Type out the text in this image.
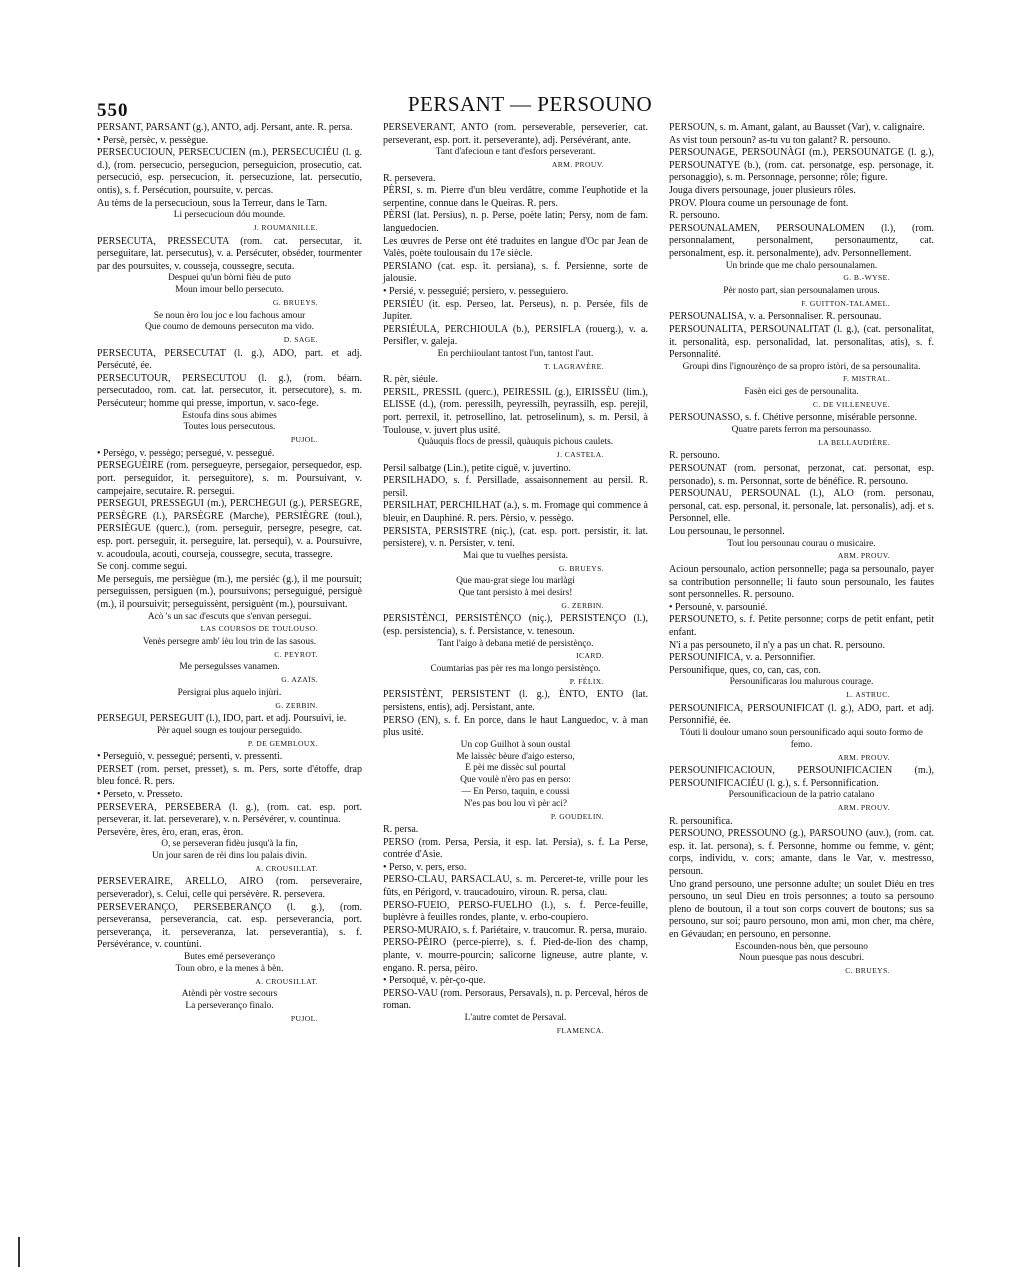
550	PERSANT — PERSOUNO

PERSANT, PARSANT (g.), ANTO, adj. Persant, ante. R. persa.

• Persè, persèc, v. pessègue.

PERSECUCIOUN, PERSECUCIEN (m.), PERSECUCIÉU (l. g. d.), (rom. persecucio, persegucion, perseguicion, prosecutio, cat. persecució, esp. persecucion, it. persecuzione, lat. persecutio, ontis), s. f. Persécution, poursuite, v. percas.

Au tèms de la persecucioun, sous la Terreur, dans le Tarn.

Li persecucioun dóu mounde.

J. ROUMANILLE.

PERSECUTA, PRESSECUTA (rom. cat. persecutar, it. perseguitare, lat. persecutus), v. a. Persécuter, obséder, tourmenter par des poursuites, v. cousseja, coussegre, secuta.

Despuei qu'un bòrni fièu de puto

Moun imour bello persecuto.

G. BRUEYS.

Se noun èro lou joc e lou fachous amour

Que coumo de demouns persecuton ma vido.

D. SAGE.

PERSECUTA, PERSECUTAT (l. g.), ADO, part. et adj. Persécuté, ée.

PERSECUTOUR, PERSECUTOU (l. g.), (rom. béarn. persecutadoo, rom. cat. lat. persecutor, it. persecutore), s. m. Persécuteur; homme qui presse, importun, v. saco-fege.

Estoufa dins sous abimes

Toutes lous persecutous.

PUJOL.

• Persègo, v. pessègo; persegué, v. pessegué.

PERSEGUÈIRE (rom. persegueyre, persegaior, persequedor, esp. port. perseguidor, it. perseguitore), s. m. Poursuivant, v. campejaire, secutaire. R. persegui.

PERSEGUI, PRESSEGUI (m.), PERCHEGUI (g.), PERSEGRE, PERSÈGRE (l.), PARSÈGRE (Marche), PERSIÈGRE (toul.), PERSIÈGUE (querc.), (rom. perseguir, persegre, pesegre, cat. esp. port. perseguir, it. perseguire, lat. persequi), v. a. Poursuivre, v. acoudoula, acouti, courseja, coussegre, secuta, trassegre.

Se conj. comme segui.

Me perseguis, me persiègue (m.), me persiéc (g.), il me poursuit; perseguissen, persiguen (m.), poursuivons; perseguigué, persiguè (m.), il poursuivit; perseguissènt, persiguènt (m.), poursuivant.

Acò 's un sac d'escuts que s'envan persegui.

LAS COURSOS DE TOULOUSO.

Venès persegre amb' ièu lou trin de las sasous.

C. PEYROT.

Me persegulsses vanamen.

G. AZAÏS.

Persigrai plus aquelo injùri.

G. ZERBIN.

PERSEGUI, PERSEGUIT (l.), IDO, part. et adj. Poursuivi, ie.

Pèr aquel sougn es toujour perseguido.

P. DE GEMBLOUX.

• Perseguiò, v. pessegué; persenti, v. pressenti.

PERSET (rom. perset, presset), s. m. Pers, sorte d'étoffe, drap bleu foncé. R. pers.

• Perseto, v. Presseto.

PERSEVERA, PERSEBERA (l. g.), (rom. cat. esp. port. perseverar, it. lat. perseverare), v. n. Persévérer, v. countinua.

Persevère, ères, èro, eran, eras, èron.

O, se perseveran fidèu jusqu'à la fin,

Un jour saren de rèi dins lou palais divin.

A. CROUSILLAT.

PERSEVERAIRE, ARELLO, AIRO (rom. perseveraire, perseverador), s. Celui, celle qui persévère. R. persevera.

PERSEVERANÇO, PERSEBERANÇO (l. g.), (rom. perseveransa, perseverancia, cat. esp. perseverancia, port. perseverança, it. perseveranza, lat. perseverantia), s. f. Persévérance, v. countùni.

Butes emé perseveranço

Toun obro, e la menes à bèn.

A. CROUSILLAT.

Atèndi pèr vostre secours

La perseveranço finalo.

PUJOL.

PERSEVERANT, ANTO (rom. perseverable, perseverier, cat. perseverant, esp. port. it. perseverante), adj. Persévérant, ante.

Tant d'afecioun e tant d'esfors perseverant.

ARM. PROUV.

R. persevera.

PÈRSI, s. m. Pierre d'un bleu verdâtre, comme l'euphotide et la serpentine, connue dans le Queiras. R. pers.

PÈRSI (lat. Persius), n. p. Perse, poète latin; Persy, nom de fam. languedocien.

Les œuvres de Perse ont été traduites en langue d'Oc par Jean de Valès, poète toulousain du 17e siècle.

PERSIANO (cat. esp. it. persiana), s. f. Persienne, sorte de jalousie.

• Persié, v. pesseguié; persiero, v. pesseguiero.

PERSIÉU (it. esp. Perseo, lat. Perseus), n. p. Persée, fils de Jupiter.

PERSIÉULA, PERCHIOULA (b.), PERSIFLA (rouerg.), v. a. Persifler, v. galeja.

En perchiioulant tantost l'un, tantost l'aut.

T. LAGRAVÈRE.

R. pèr, siéule.

PERSIL, PRESSIL (querc.), PEIRESSIL (g.), EIRISSÈU (lim.), ELISSE (d.), (rom. peressilh, peyressilh, peyrassilh, esp. perejil, port. perrexil, it. petrosellino, lat. petroselinum), s. m. Persil, à Toulouse, v. juvert plus usité.

Quàuquis flocs de pressil, quàuquis pichous caulets.

J. CASTELA.

Persil salbatge (Lin.), petite ciguë, v. juvertino.

PERSILHADO, s. f. Persillade, assaisonnement au persil. R. persil.

PERSILHAT, PERCHILHAT (a.), s. m. Fromage qui commence à bleuir, en Dauphiné. R. pers. Pèrsio, v. pessègo.

PERSISTA, PERSISTRE (niç.), (cat. esp. port. persistir, it. lat. persistere), v. n. Persister, v. tení.

Mai que tu vuelhes persista.

G. BRUEYS.

Que mau-grat siege lou marlàgi

Que tant persisto à mei desirs!

G. ZERBIN.

PERSISTÈNCI, PERSISTÈNÇO (niç.), PERSISTENÇO (l.), (esp. persistencia), s. f. Persistance, v. tenesoun.

Tant l'aigo à debana metié de persistènço.

ICARD.

Coumtarias pas pèr res ma longo persistènço.

P. FÉLIX.

PERSISTÈNT, PERSISTENT (l. g.), ÈNTO, ENTO (lat. persistens, entis), adj. Persistant, ante.

PERSO (EN), s. f. En porce, dans le haut Languedoc, v. à man plus usité.

Un cop Guilhot à soun oustal

Me laissèc bèure d'aigo esterso,

E pèi me dissèc sul pourtal

Que voulè n'èro pas en perso:

— En Perso, taquin, e coussi

N'es pas bou lou vì pèr aci?

P. GOUDELIN.

R. persa.

PERSO (rom. Persa, Persia, it esp. lat. Persia), s. f. La Perse, contrée d'Asie.

• Perso, v. pers, erso.

PERSO-CLAU, PARSACLAU, s. m. Perceret-te, vrille pour les fûts, en Périgord, v. traucadouiro, viroun. R. persa, clau.

PERSO-FUEIO, PERSO-FUELHO (l.), s. f. Perce-feuille, buplèvre à feuilles rondes, plante, v. erbo-coupiero.

PERSO-MURAIO, s. f. Pariétaire, v. traucomur. R. persa, muraio.

PERSO-PÈIRO (perce-pierre), s. f. Pied-de-lion des champ, plante, v. mourre-pourcin; salicorne ligneuse, autre plante, v. engano. R. persa, pèiro.

• Persoqué, v. pèr-ço-que.

PERSO-VAU (rom. Persoraus, Persavals), n. p. Perceval, héros de roman.

L'autre comtet de Persaval.

FLAMENCA.

PERSOUN, s. m. Amant, galant, au Bausset (Var), v. calignaire.

As vist toun persoun? as-tu vu ton galant? R. persouno.

PERSOUNAGE, PERSOUNÀGI (m.), PERSOUNATGE (l. g.), PERSOUNATYE (b.), (rom. cat. personatge, esp. personage, it. personaggio), s. m. Personnage, personne; rôle; figure.

Jouga divers persounage, jouer plusieurs rôles.

PROV. Ploura coume un persounage de font.

R. persouno.

PERSOUNALAMEN, PERSOUNALOMEN (l.), (rom. personnalament, personalment, personaumentz, cat. personalment, esp. it. personalmente), adv. Personnellement.

Un brinde que me chalo persounalamen.

G. B.-WYSE.

Pèr nosto part, sian persounalamen urous.

F. GUITTON-TALAMEL.

PERSOUNALISA, v. a. Personnaliser. R. persounau.

PERSOUNALITA, PERSOUNALITAT (l. g.), (cat. personalitat, it. personalità, esp. personalidad, lat. personalitas, atis), s. f. Personnalité.

Groupi dins l'ignourènço de sa propro istòri, de sa persounalita.

F. MISTRAL.

Fasèn eici ges de persounalita.

C. DE VILLENEUVE.

PERSOUNASSO, s. f. Chétive personne, misérable personne.

Quatre parets ferron ma persounasso.

LA BELLAUDIÈRE.

R. persouno.

PERSOUNAT (rom. personat, perzonat, cat. personat, esp. personado), s. m. Personnat, sorte de bénéfice. R. persouno.

PERSOUNAU, PERSOUNAL (l.), ALO (rom. personau, personal, cat. esp. personal, it. personale, lat. personalis), adj. et s. Personnel, elle.

Lou persounau, le personnel.

Tout lou persounau courau o musicaire.

ARM. PROUV.

Acioun persounalo, action personnelle; paga sa persounalo, payer sa contribution personnelle; li fauto soun persounalo, les fautes sont personnelles. R. persouno.

• Persounè, v. parsounié.

PERSOUNETO, s. f. Petite personne; corps de petit enfant, petit enfant.

N'i a pas persouneto, il n'y a pas un chat. R. persouno.

PERSOUNIFICA, v. a. Personnifier.

Persounifique, ques, co, can, cas, con.

Persounificaras lou malurous courage.

L. ASTRUC.

PERSOUNIFICA, PERSOUNIFICAT (l. g.), ADO, part. et adj. Personnifié, ée.

Tóuti li doulour umano soun persounificado aqui souto formo de femo.

ARM. PROUV.

PERSOUNIFICACIOUN, PERSOUNIFICACIEN (m.), PERSOUNIFICACIÉU (l. g.), s. f. Personnification.

Persounificacioun de la patrìo catalano

ARM. PROUV.

R. persounifica.

PERSOUNO, PRESSOUNO (g.), PARSOUNO (auv.), (rom. cat. esp. it. lat. persona), s. f. Personne, homme ou femme, v. gènt; corps, individu, v. cors; amante, dans le Var, v. mestresso, persoun.

Uno grand persouno, une personne adulte; un soulet Diéu en tres persouno, un seul Dieu en trois personnes; a touto sa persouno pleno de boutoun, il a tout son corps couvert de boutons; sus sa persouno, sur soi; pauro persouno, mon ami, mon cher, ma chère, en Gévaudan; en persouno, en personne.

Escounden-nous bèn, que persouno

Noun puesque pas nous descubri.

C. BRUEYS.
